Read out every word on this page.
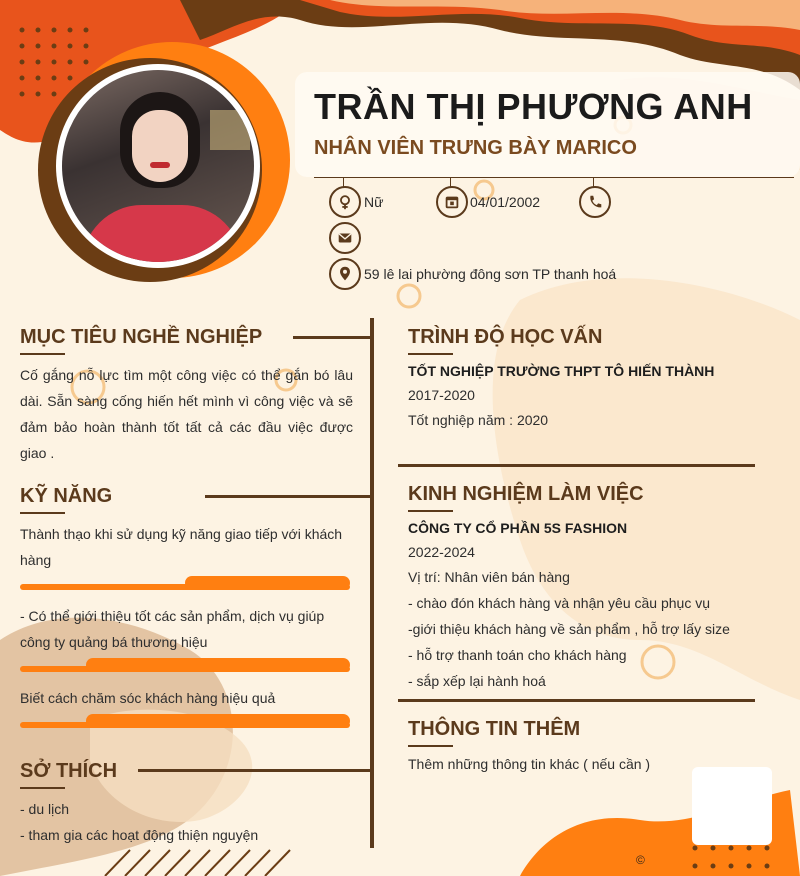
TRẦN THỊ PHƯƠNG ANH
NHÂN VIÊN TRƯNG BÀY MARICO
Nữ	04/01/2002
59 lê lai phường đông sơn TP thanh hoá
MỤC TIÊU NGHỀ NGHIỆP
Cố gắng nỗ lực tìm một công việc có thể gắn bó lâu dài. Sẵn sàng cống hiến hết mình vì công việc và sẽ đảm bảo hoàn thành tốt tất cả các đầu việc được giao .
KỸ NĂNG
Thành thạo khi sử dụng kỹ năng giao tiếp với khách hàng
- Có thể giới thiệu tốt các sản phẩm, dịch vụ giúp công ty quảng bá thương hiệu
Biết cách chăm sóc khách hàng hiệu quả
SỞ THÍCH
- du lịch
- tham gia các hoạt động thiện nguyện
TRÌNH ĐỘ HỌC VẤN
TỐT NGHIỆP TRƯỜNG THPT TÔ HIẾN THÀNH
2017-2020
Tốt nghiệp năm : 2020
KINH NGHIỆM LÀM VIỆC
CÔNG TY CỔ PHẦN 5S FASHION
2022-2024
Vị trí: Nhân viên bán hàng
- chào đón khách hàng và nhận yêu cầu phục vụ
-giới thiệu khách hàng về sản phẩm , hỗ trợ lấy size
- hỗ trợ thanh toán cho khách hàng
- sắp xếp lại hành hoá
THÔNG TIN THÊM
Thêm những thông tin khác ( nếu cần )
©
